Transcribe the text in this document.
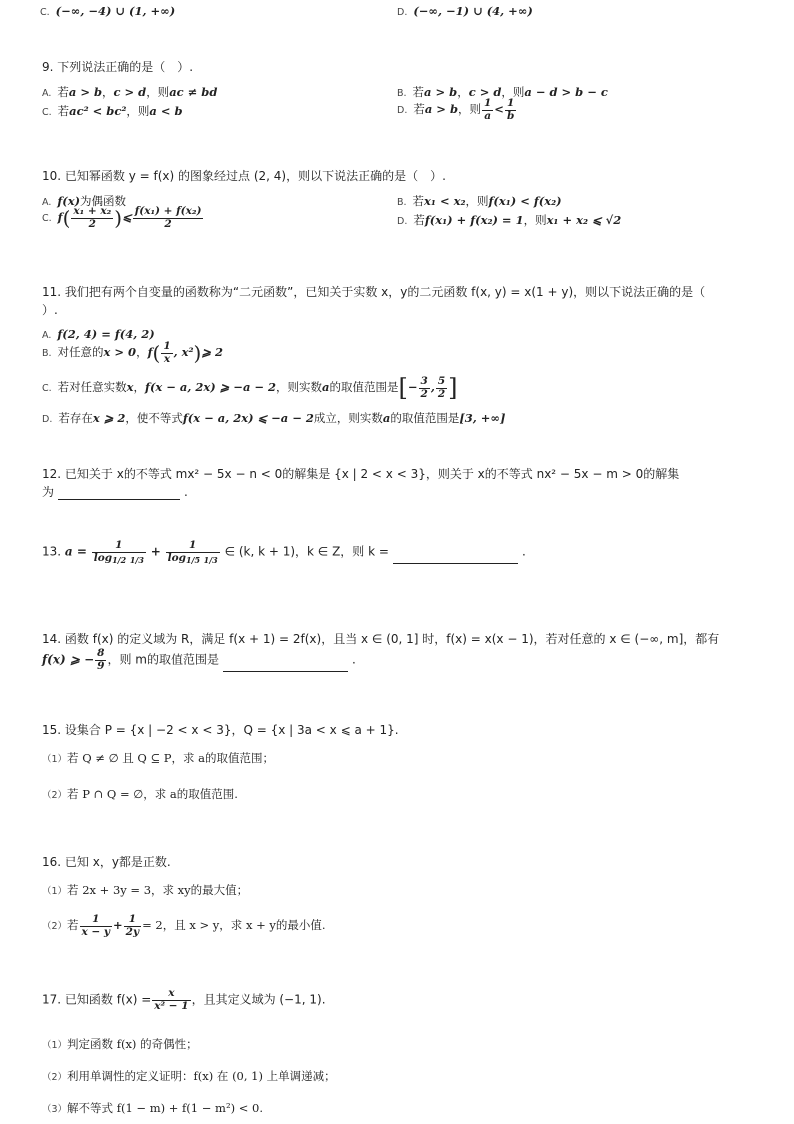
C. (−∞, −4) ∪ (1, +∞)	D. (−∞, −1) ∪ (4, +∞)
9. 下列说法正确的是（　）.
A. 若a > b，c > d，则ac ≠ bd	B. 若a > b，c > d，则a − d > b − c
C. 若ac² < bc²，则a < b	D. 若a > b，则 $\frac{1}{a} < \frac{1}{b}$
10. 已知幂函数 y = f(x) 的图象经过点 (2, 4)，则以下说法正确的是（　）.
A. f(x)为偶函数	B. 若x₁ < x₂，则f(x₁) < f(x₂)
C. $f( \frac{\text{x₁ + x₂}}{2}$ )⩽ $\frac{\text{f(x₁) + f(x₂)}}{2}$	D. 若f(x₁) + f(x₂) = 1，则x₁ + x₂ ⩽ √2
11. 我们把有两个自变量的函数称为“二元函数”，已知关于实数 x，y的二元函数 f(x, y) = x(1 + y)，则以下说法正确的是（
）.
A. f(2, 4) = f(4, 2)
B. 对任意的x > 0，$f( \frac{1}{x}$ , x²)⩾ 2
C. 若对任意实数x，f(x − a, 2x) ⩾ −a − 2，则实数a的取值范围是[− $\frac{3}{2}$ , $\frac{5}{2}$ ]
D. 若存在x ⩾ 2，使不等式f(x − a, 2x) ⩽ −a − 2成立，则实数a的取值范围是[3, +∞]
12. 已知关于 x的不等式 mx² − 5x − n < 0的解集是 {x | 2 < x < 3}，则关于 x的不等式 nx² − 5x − m > 0的解集
为	.
13. $a = \frac{1}{\log_{1/2} _{1/3}} + \frac{1}{\log_{1/5} _{1/3}}$ ∈ (k, k + 1)，k ∈ Z，则 k =	.
14. 函数 f(x) 的定义域为 R，满足 f(x + 1) = 2f(x)，且当 x ∈ (0, 1] 时，f(x) = x(x − 1)，若对任意的 x ∈ (−∞, m]，都有
f(x) ⩾ − $\frac{8}{9}$ ，则 m的取值范围是	.
15. 设集合 P = {x | −2 < x < 3}，Q = {x | 3a < x ⩽ a + 1}.
（1）若 Q ≠ ∅ 且 Q ⊆ P，求 a的取值范围；
（2）若 P ∩ Q = ∅，求 a的取值范围.
16. 已知 x，y都是正数.
（1）若 2x + 3y = 3，求 xy的最大值；
（2）若 $\frac{1}{x - y} + \frac{1}{2y} = 2$，且 x > y，求 x + y的最小值.
17. 已知函数 $f(x) = \frac{x}{\text{x² − 1}}$ ，且其定义域为 (−1, 1).
（1）判定函数 f(x) 的奇偶性；
（2）利用单调性的定义证明：f(x) 在 (0, 1) 上单调递减；
（3）解不等式 f(1 − m) + f(1 − m²) < 0.
